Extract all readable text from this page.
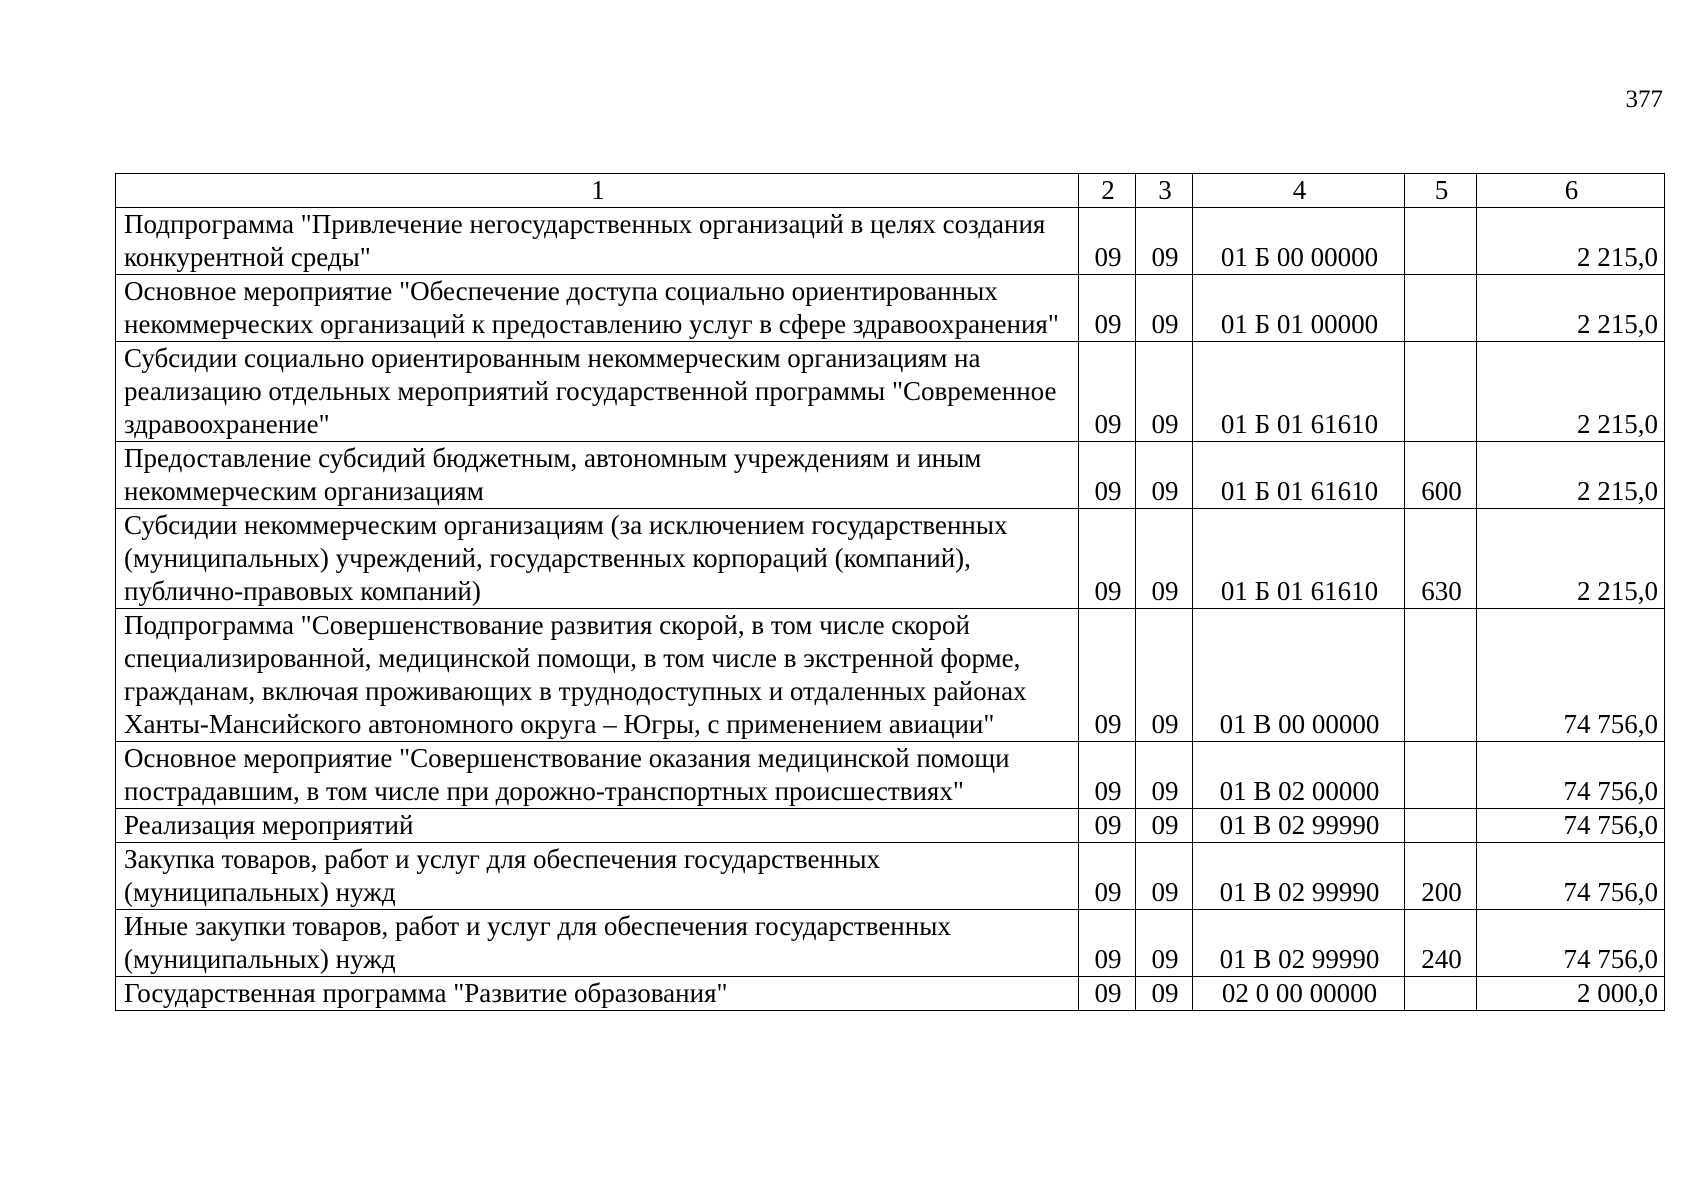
377
1	2	3	4	5	6
Подпрограмма "Привлечение негосударственных организаций в целях создания конкурентной среды"	09	09	01 Б 00 00000		2 215,0
Основное мероприятие "Обеспечение доступа социально ориентированных некоммерческих организаций к предоставлению услуг в сфере здравоохранения"	09	09	01 Б 01 00000		2 215,0
Субсидии социально ориентированным некоммерческим организациям на реализацию отдельных мероприятий государственной программы "Современное здравоохранение"	09	09	01 Б 01 61610		2 215,0
Предоставление субсидий бюджетным, автономным учреждениям и иным некоммерческим организациям	09	09	01 Б 01 61610	600	2 215,0
Субсидии некоммерческим организациям (за исключением государственных (муниципальных) учреждений, государственных корпораций (компаний), публично-правовых компаний)	09	09	01 Б 01 61610	630	2 215,0
Подпрограмма "Совершенствование развития скорой, в том числе скорой специализированной, медицинской помощи, в том числе в экстренной форме, гражданам, включая проживающих в труднодоступных и отдаленных районах Ханты-Мансийского автономного округа – Югры, с применением авиации"	09	09	01 В 00 00000		74 756,0
Основное мероприятие "Совершенствование оказания медицинской помощи пострадавшим, в том числе при дорожно-транспортных происшествиях"	09	09	01 В 02 00000		74 756,0
Реализация мероприятий	09	09	01 В 02 99990		74 756,0
Закупка товаров, работ и услуг для обеспечения государственных (муниципальных) нужд	09	09	01 В 02 99990	200	74 756,0
Иные закупки товаров, работ и услуг для обеспечения государственных (муниципальных) нужд	09	09	01 В 02 99990	240	74 756,0
Государственная программа "Развитие образования"	09	09	02 0 00 00000		2 000,0
